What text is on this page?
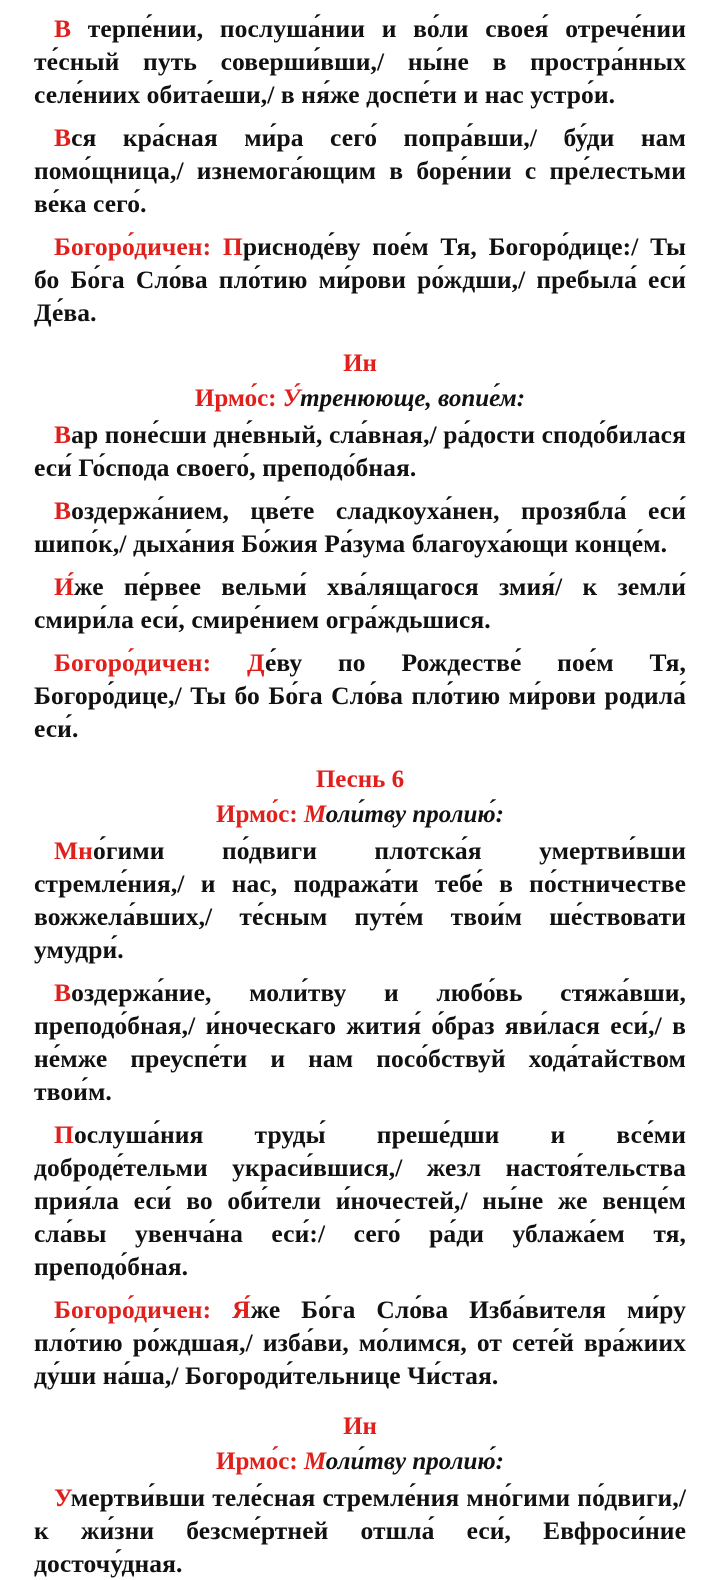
В терпе́нии, послуша́нии и во́ли своея́ отрече́нии те́сный путь соверши́вши,/ ны́не в простра́нных селе́ниих обита́еши,/ в ня́же доспе́ти и нас устро́и.

Вся кра́сная ми́ра сего́ попра́вши,/ бу́ди нам помо́щница,/ изнемога́ющим в боре́нии с пре́лестьми ве́ка сего́.

Богоро́дичен: Присноде́ву пое́м Тя, Богоро́дице:/ Ты бо Бо́га Сло́ва пло́тию ми́рови ро́ждши,/ пребыла́ еси́ Де́ва.

Ин
Ирмо́с: У́тренююще, вопие́м:

Вар поне́сши дне́вный, сла́вная,/ ра́дости сподо́билася еси́ Го́спода своего́, преподо́бная.

Воздержа́нием, цве́те сладкоуха́нен, прозябла́ еси́ шипо́к,/ дыха́ния Бо́жия Ра́зума благоуха́ющи конце́м.

И́же пе́рвее вельми́ хва́лящагося змия́/ к земли́ смири́ла еси́, смире́нием огра́ждьшися.

Богоро́дичен: Де́ву по Рождестве́ пое́м Тя, Богоро́дице,/ Ты бо Бо́га Сло́ва пло́тию ми́рови родила́ еси́.

Песнь 6
Ирмо́с: Моли́тву пролию́:

Мно́гими по́двиги плотска́я умертви́вши стремле́ния,/ и нас, подража́ти тебе́ в по́стничестве вожжела́вших,/ те́сным путе́м твои́м ше́ствовати умудри́.

Воздержа́ние, моли́тву и любо́вь стяжа́вши, преподо́бная,/ и́ноческаго жития́ о́браз яви́лася еси́,/ в не́мже преуспе́ти и нам посо́бствуй хода́тайством твои́м.

Послуша́ния труды́ преше́дши и все́ми доброде́тельми украси́вшися,/ жезл настоя́тельства прия́ла еси́ во оби́тели и́ночестей,/ ны́не же венце́м сла́вы увенча́на еси́:/ сего́ ра́ди ублажа́ем тя, преподо́бная.

Богоро́дичен: Я́же Бо́га Сло́ва Изба́вителя ми́ру пло́тию ро́ждшая,/ изба́ви, мо́лимся, от сете́й вра́жиих ду́ши на́ша,/ Богороди́тельнице Чи́стая.

Ин
Ирмо́с: Моли́тву пролию́:

Умертви́вши теле́сная стремле́ния мно́гими по́двиги,/ к жи́зни безсме́ртней отшла́ еси́, Евфроси́ние досточу́дная.
